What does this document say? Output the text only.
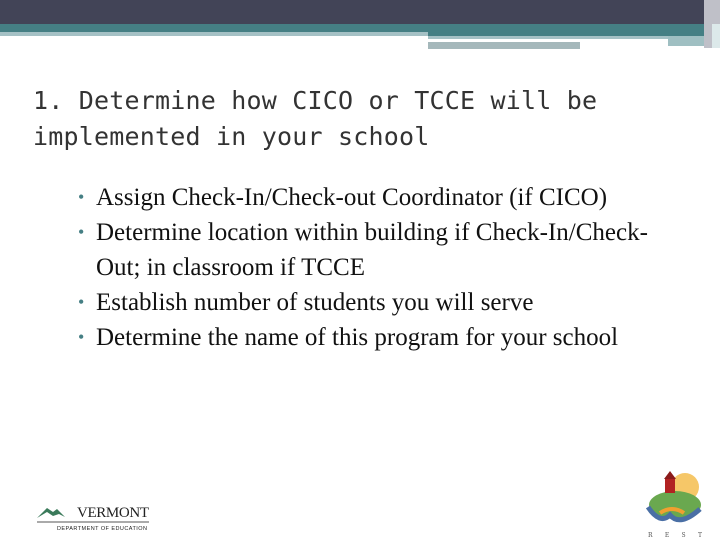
1. Determine how CICO or TCCE will be implemented in your school
• Assign Check-In/Check-out Coordinator (if CICO)
• Determine location within building if Check-In/Check-Out; in classroom if TCCE
• Establish number of students you will serve
• Determine the name of this program for your school
VERMONT
DEPARTMENT OF EDUCATION
R E S T
